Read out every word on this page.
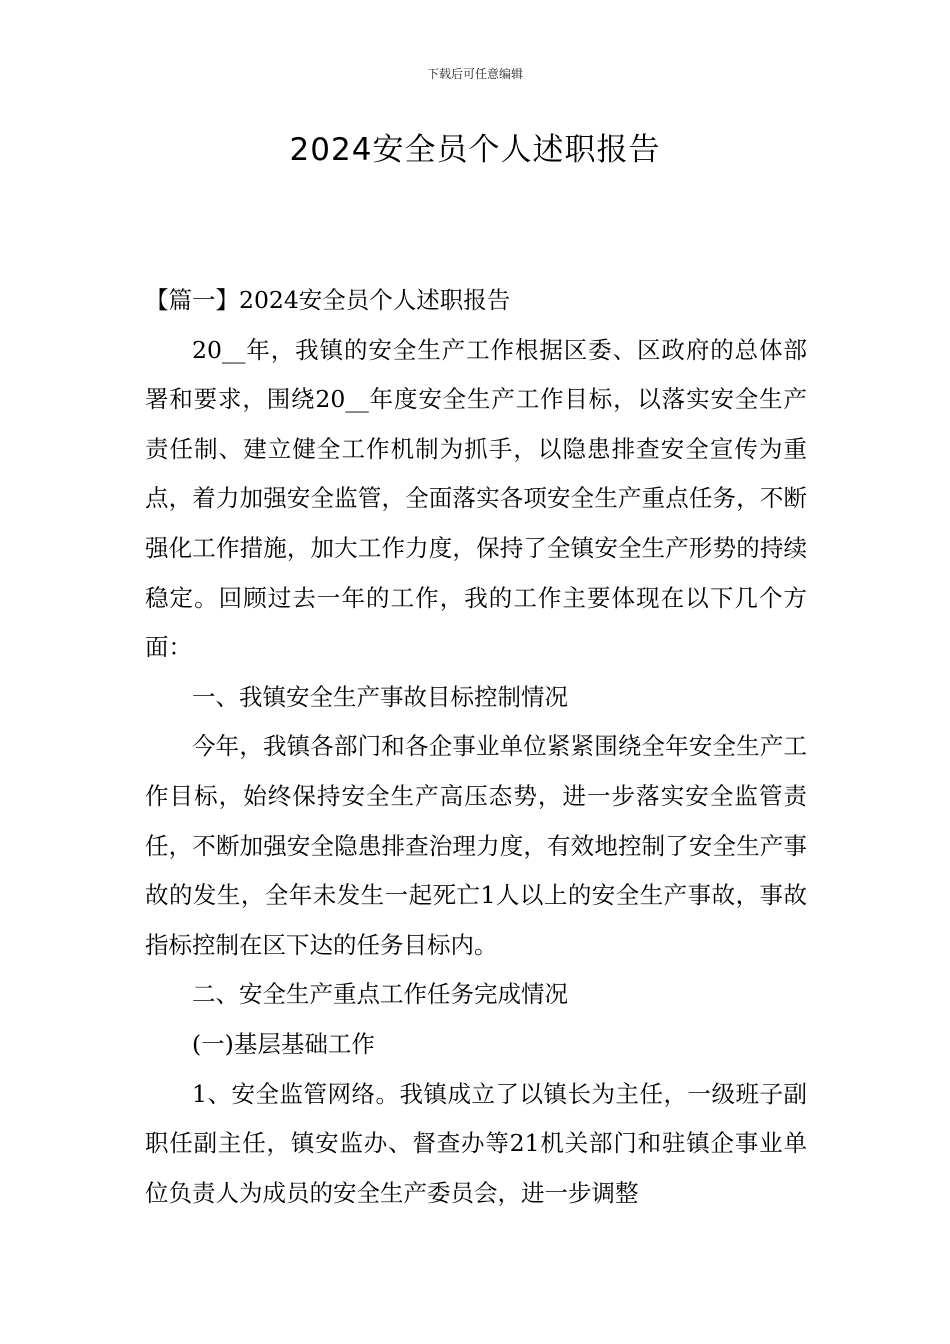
下载后可任意编辑
2024安全员个人述职报告

【篇一】2024安全员个人述职报告

20__年，我镇的安全生产工作根据区委、区政府的总体部署和要求，围绕20__年度安全生产工作目标，以落实安全生产责任制、建立健全工作机制为抓手，以隐患排查安全宣传为重点，着力加强安全监管，全面落实各项安全生产重点任务，不断强化工作措施，加大工作力度，保持了全镇安全生产形势的持续稳定。回顾过去一年的工作，我的工作主要体现在以下几个方面：

一、我镇安全生产事故目标控制情况

今年，我镇各部门和各企事业单位紧紧围绕全年安全生产工作目标，始终保持安全生产高压态势，进一步落实安全监管责任，不断加强安全隐患排查治理力度，有效地控制了安全生产事故的发生，全年未发生一起死亡1人以上的安全生产事故，事故指标控制在区下达的任务目标内。

二、安全生产重点工作任务完成情况

(一)基层基础工作

1、安全监管网络。我镇成立了以镇长为主任，一级班子副职任副主任，镇安监办、督查办等21机关部门和驻镇企事业单位负责人为成员的安全生产委员会，进一步调整
